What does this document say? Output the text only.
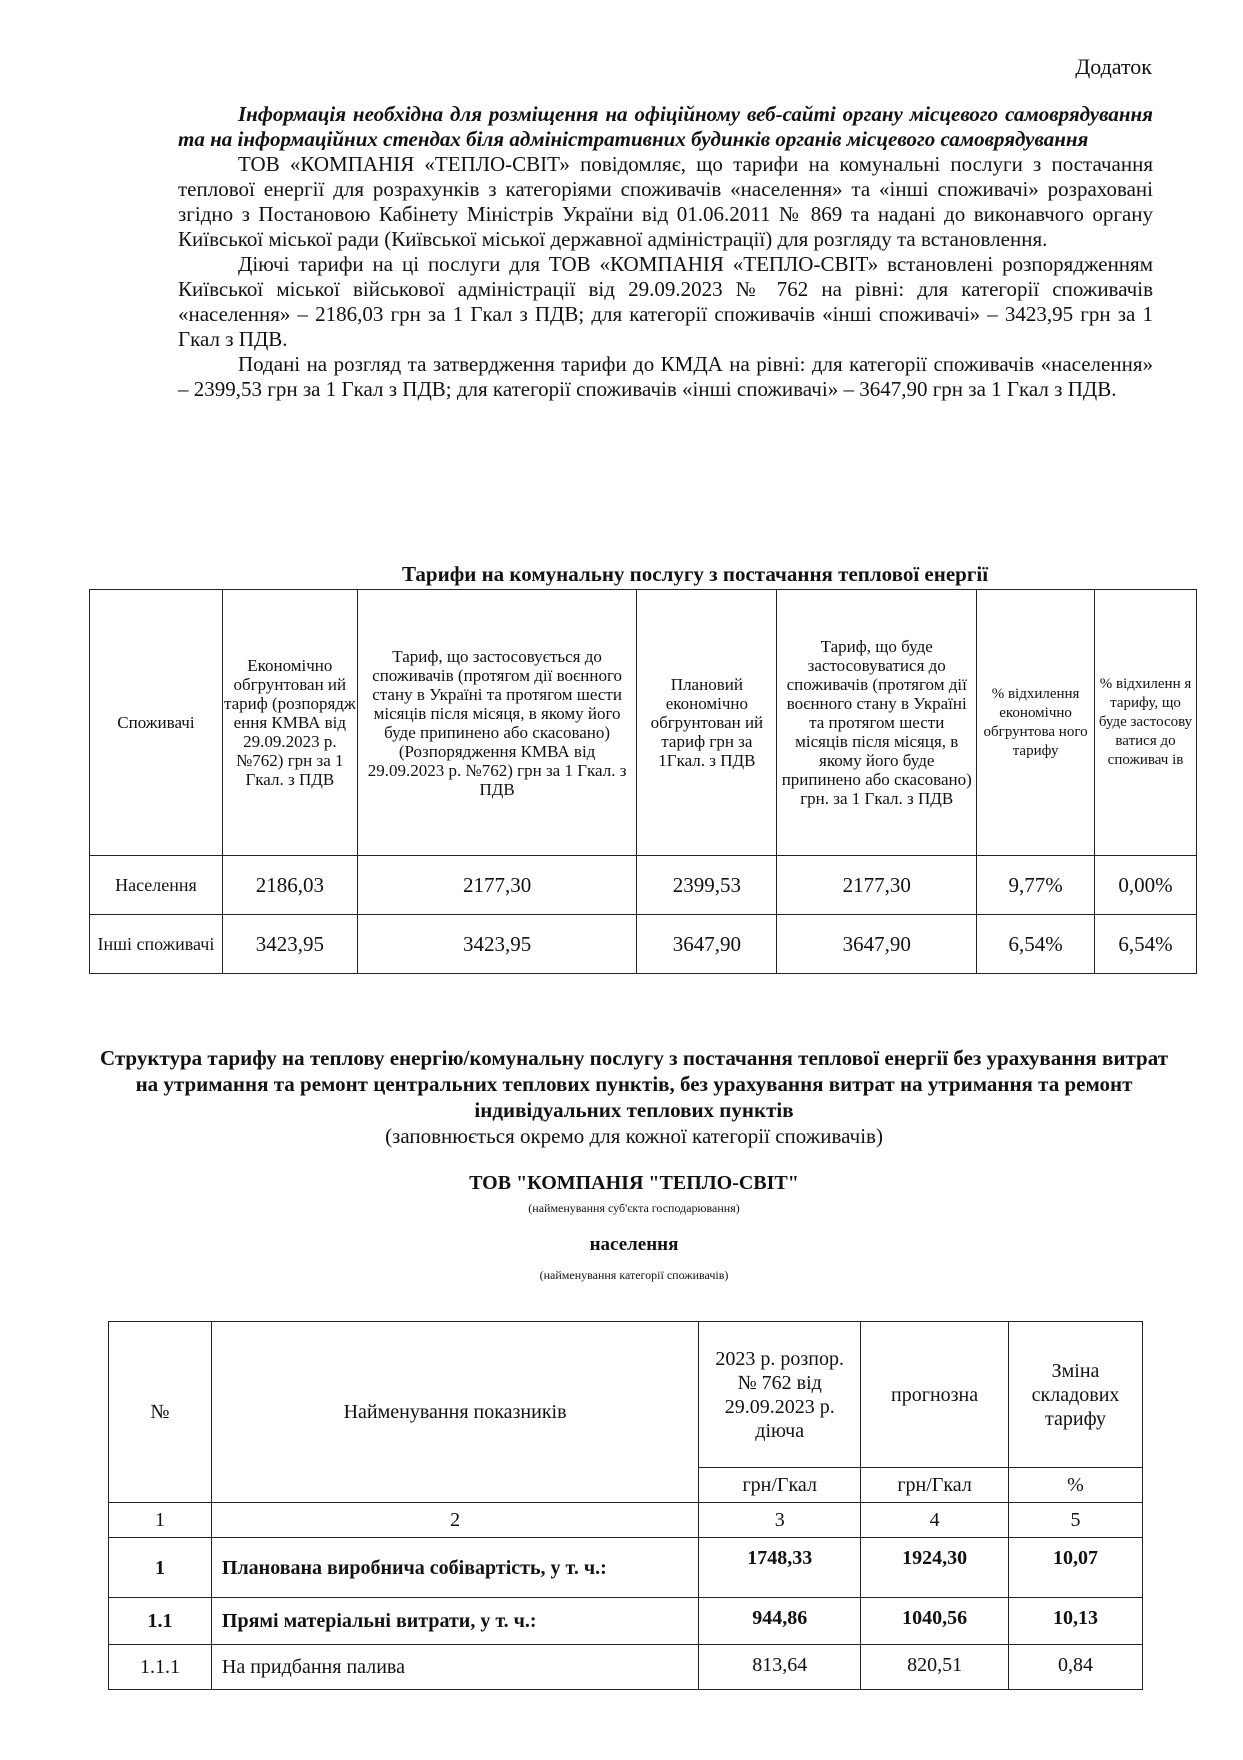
Додаток
Інформація необхідна для розміщення на офіційному веб-сайті органу місцевого самоврядування та на інформаційних стендах біля адміністративних будинків органів місцевого самоврядування

ТОВ «КОМПАНІЯ «ТЕПЛО-СВІТ» повідомляє, що тарифи на комунальні послуги з постачання теплової енергії для розрахунків з категоріями споживачів «населення» та «інші споживачі» розраховані згідно з Постановою Кабінету Міністрів України від 01.06.2011 № 869 та надані до виконавчого органу Київської міської ради (Київської міської державної адміністрації) для розгляду та встановлення.

Діючі тарифи на ці послуги для ТОВ «КОМПАНІЯ «ТЕПЛО-СВІТ» встановлені розпорядженням Київської міської військової адміністрації від 29.09.2023 № 762 на рівні: для категорії споживачів «населення» – 2186,03 грн за 1 Гкал з ПДВ; для категорії споживачів «інші споживачі» – 3423,95 грн за 1 Гкал з ПДВ.

Подані на розгляд та затвердження тарифи до КМДА на рівні: для категорії споживачів «населення» – 2399,53 грн за 1 Гкал з ПДВ; для категорії споживачів «інші споживачі» – 3647,90 грн за 1 Гкал з ПДВ.

Тарифи на комунальну послугу з постачання теплової енергії
Споживачі	Економічно обгрунтован ий тариф (розпорядж ення КМВА від 29.09.2023 р. №762) грн за 1 Гкал. з ПДВ	Тариф, що застосовується до споживачів (протягом дії воєнного стану в Україні та протягом шести місяців після місяця, в якому його буде припинено або скасовано) (Розпорядження КМВА від 29.09.2023 р. №762) грн за 1 Гкал. з ПДВ	Плановий економічно обгрунтован ий тариф грн за 1Гкал. з ПДВ	Тариф, що буде застосовуватися до споживачів (протягом дії воєнного стану в Україні та протягом шести місяців після місяця, в якому його буде припинено або скасовано) грн. за 1 Гкал. з ПДВ	% відхилення економічно обгрунтова ного тарифу	% відхиленн я тарифу, що буде застосову ватися до споживач ів
Населення	2186,03	2177,30	2399,53	2177,30	9,77%	0,00%
Інші споживачі	3423,95	3423,95	3647,90	3647,90	6,54%	6,54%
Структура тарифу на теплову енергію/комунальну послугу з постачання теплової енергії без урахування витрат на утримання та ремонт центральних теплових пунктів, без урахування витрат на утримання та ремонт індивідуальних теплових пунктів
(заповнюється окремо для кожної категорії споживачів)
ТОВ "КОМПАНІЯ "ТЕПЛО-СВІТ"
(найменування суб'єкта господарювання)
населення
(найменування категорії споживачів)
№	Найменування показників	2023 р. розпор. № 762 від 29.09.2023 р. діюча	прогнозна	Зміна складових тарифу
		грн/Гкал	грн/Гкал	%
1	2	3	4	5
1	Планована виробнича собівартість, у т. ч.:	1748,33	1924,30	10,07
1.1	Прямі матеріальні витрати, у т. ч.:	944,86	1040,56	10,13
1.1.1	На придбання палива	813,64	820,51	0,84
